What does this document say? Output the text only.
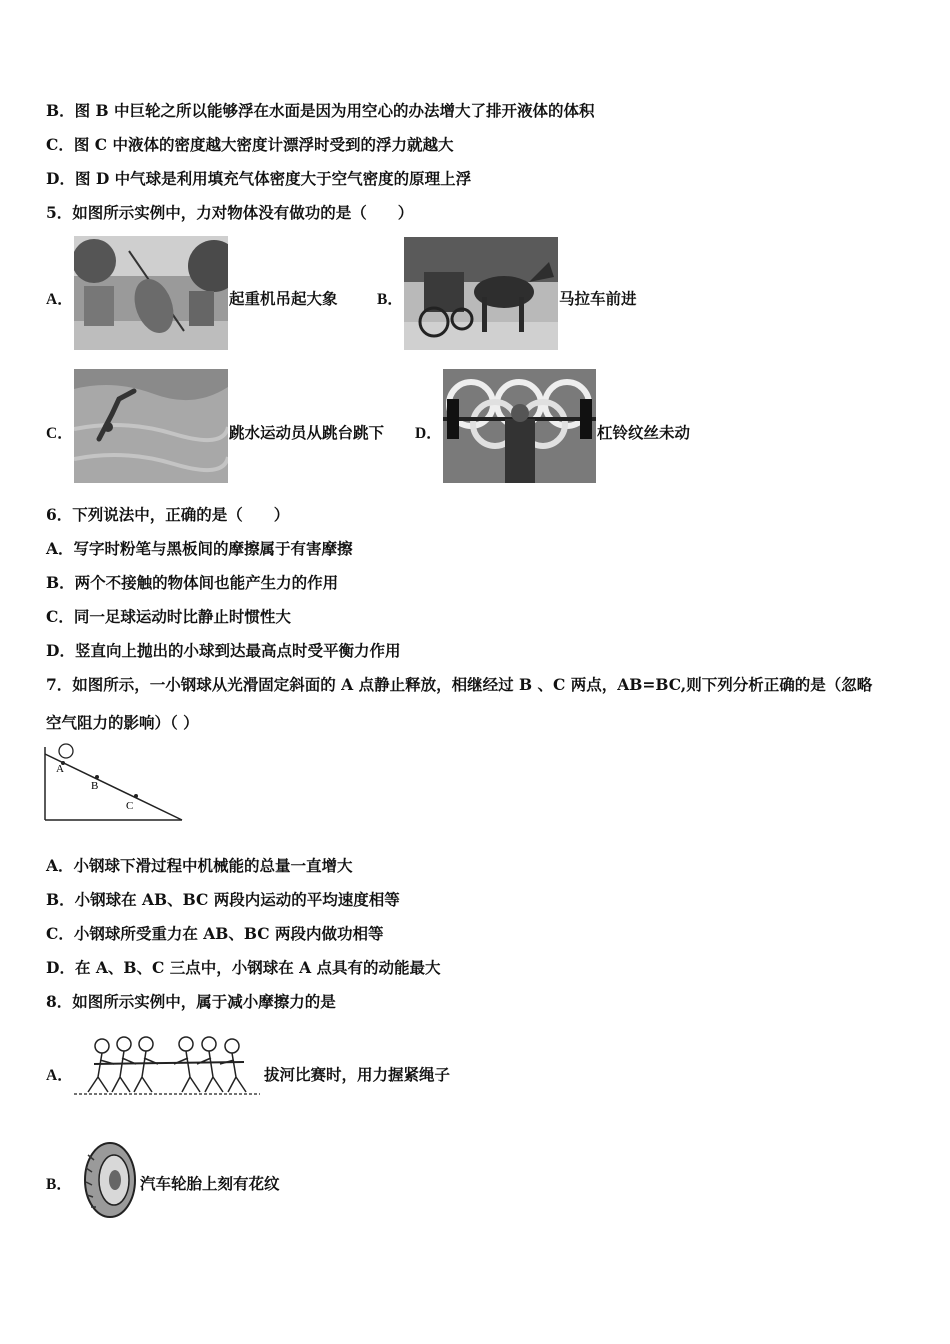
B．图 B 中巨轮之所以能够浮在水面是因为用空心的办法增大了排开液体的体积
C．图 C 中液体的密度越大密度计漂浮时受到的浮力就越大
D．图 D 中气球是利用填充气体密度大于空气密度的原理上浮
5．如图所示实例中，力对物体没有做功的是（　　）
A．	起重机吊起大象	B．	马拉车前进
C．	跳水运动员从跳台跳下 D．	杠铃纹丝未动
6．下列说法中，正确的是（　　）
A．写字时粉笔与黑板间的摩擦属于有害摩擦
B．两个不接触的物体间也能产生力的作用
C．同一足球运动时比静止时惯性大
D．竖直向上抛出的小球到达最高点时受平衡力作用
7．如图所示，一小钢球从光滑固定斜面的 A 点静止释放，相继经过 B 、C 两点，AB=BC,则下列分析正确的是（忽略
空气阻力的影响）（ ）
A
B
C
A．小钢球下滑过程中机械能的总量一直增大
B．小钢球在 AB、BC 两段内运动的平均速度相等
C．小钢球所受重力在 AB、BC 两段内做功相等
D．在 A、B、C 三点中，小钢球在 A 点具有的动能最大
8．如图所示实例中，属于减小摩擦力的是
A．	拔河比赛时，用力握紧绳子
B．	汽车轮胎上刻有花纹
